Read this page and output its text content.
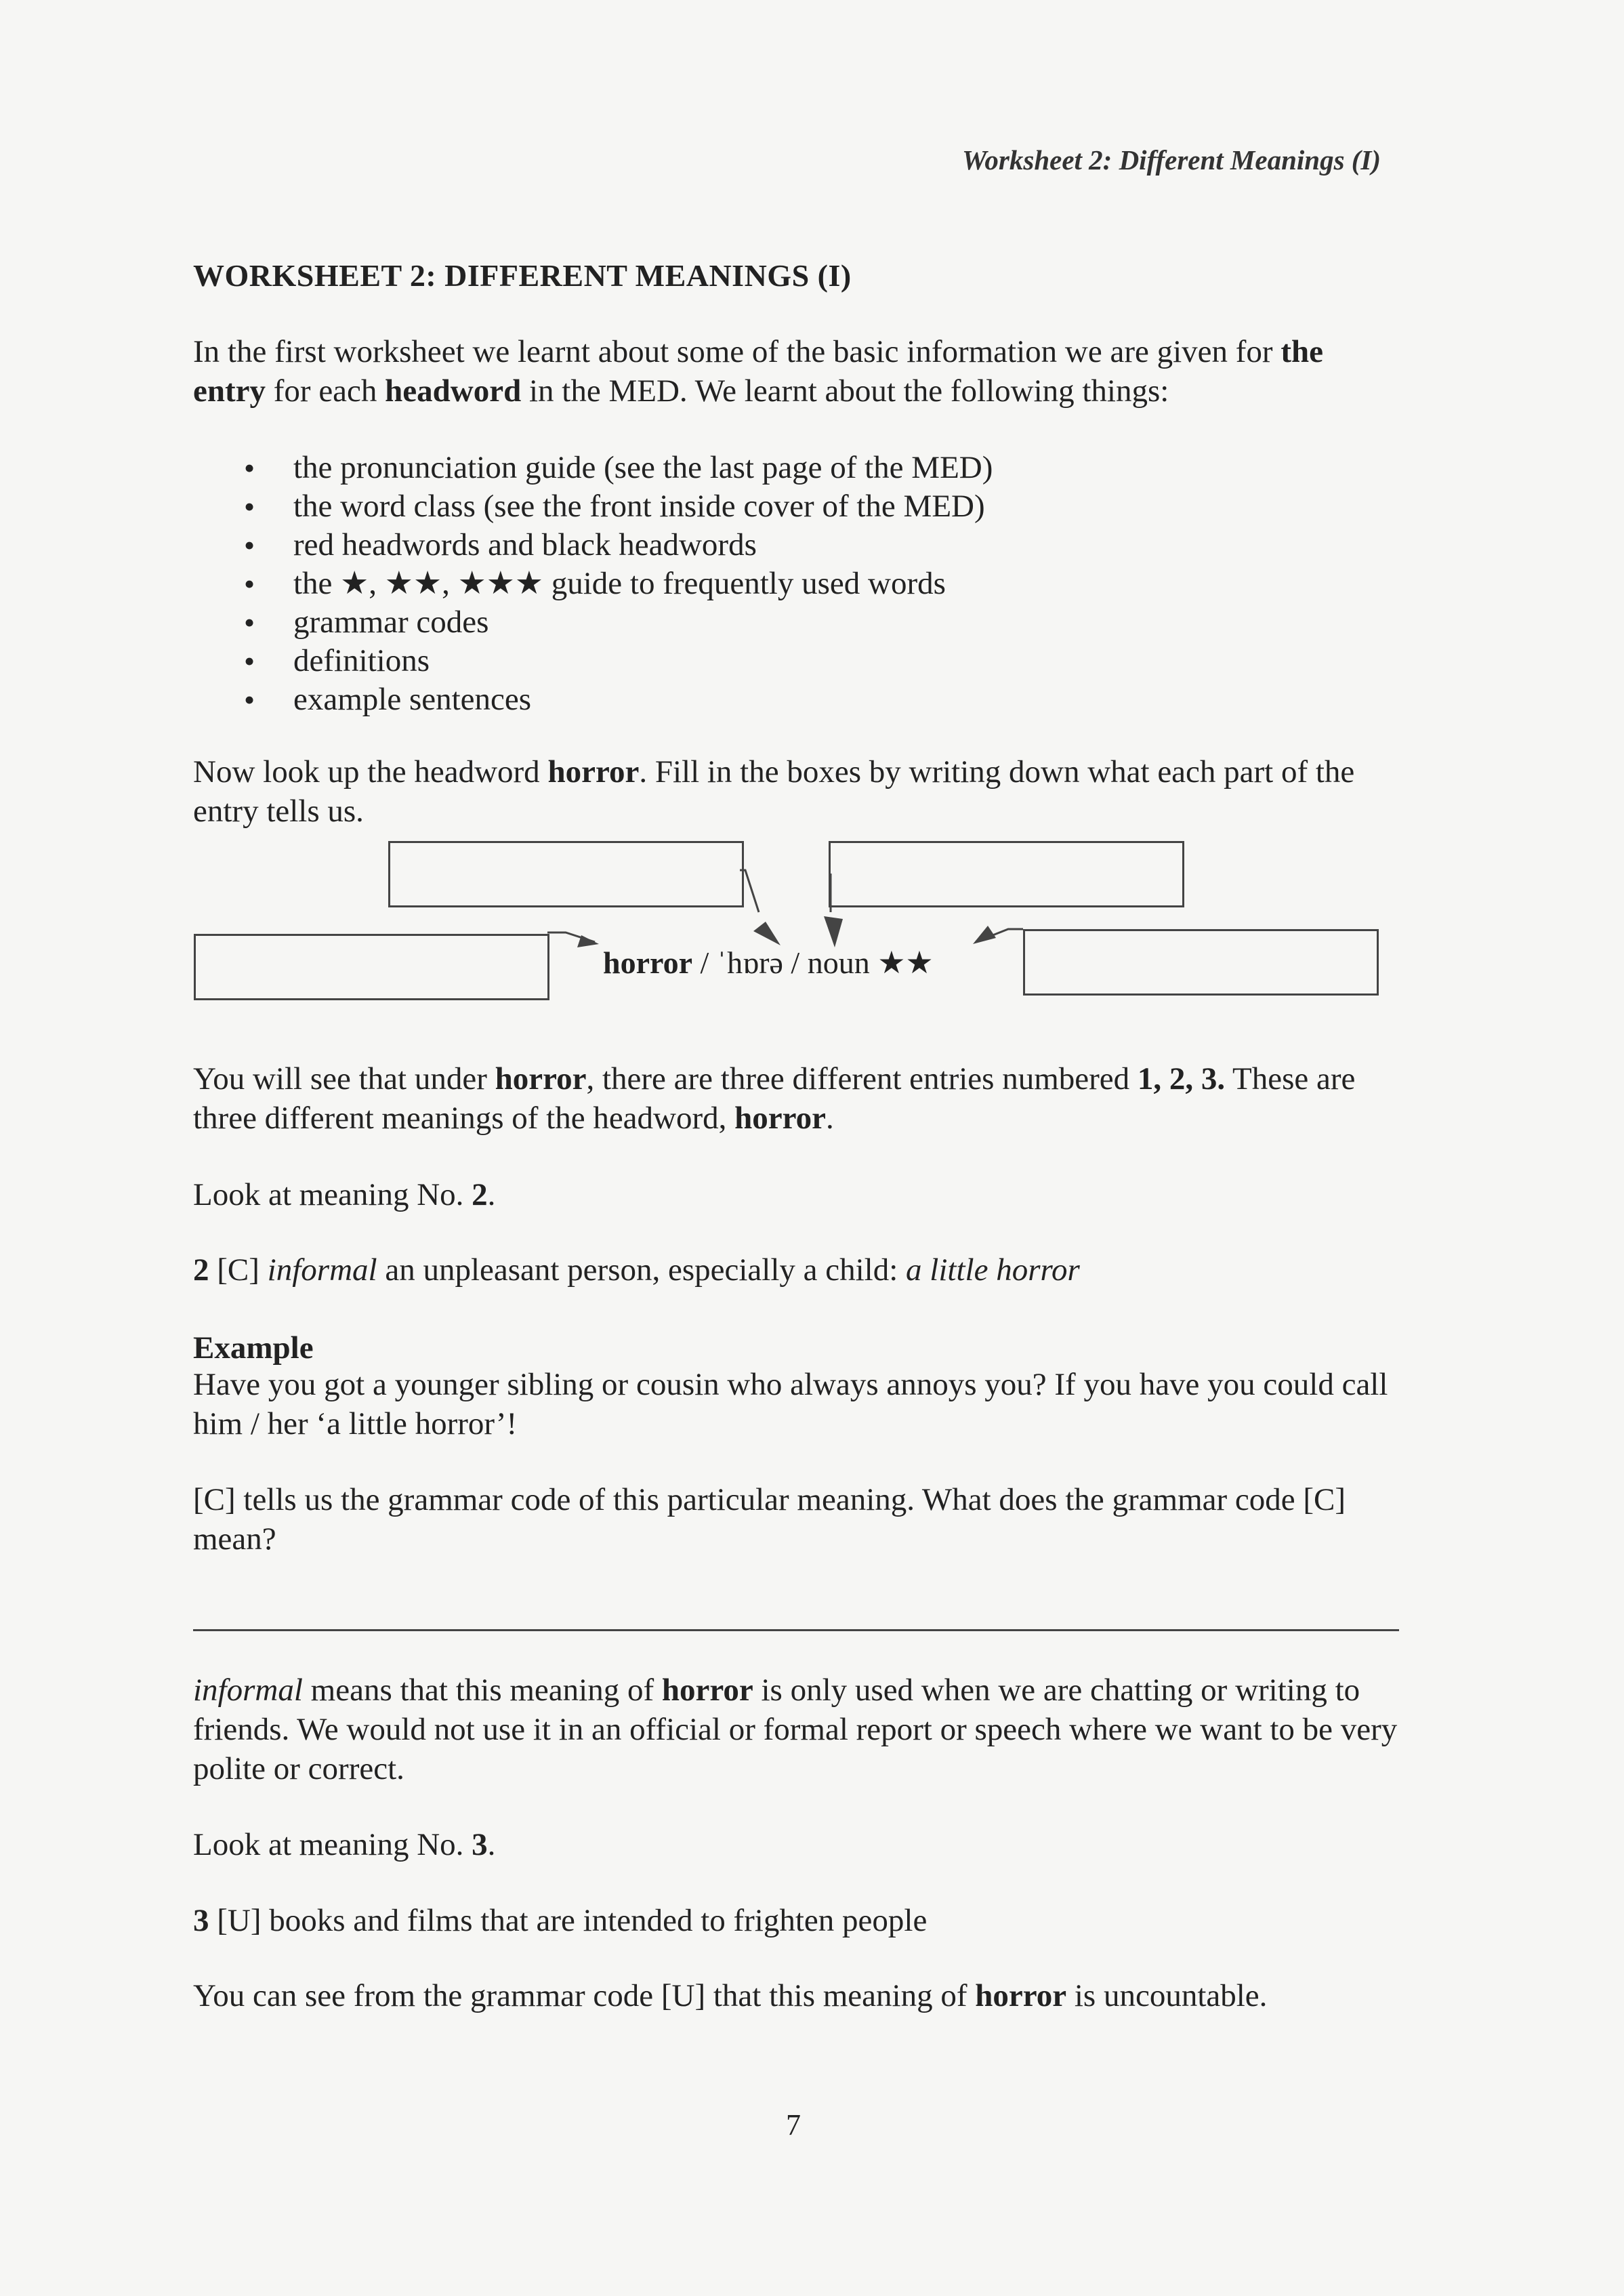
Worksheet 2: Different Meanings (I)
WORKSHEET 2: DIFFERENT MEANINGS (I)

In the first worksheet we learnt about some of the basic information we are given for the entry for each headword in the MED. We learnt about the following things:

• the pronunciation guide (see the last page of the MED)
• the word class (see the front inside cover of the MED)
• red headwords and black headwords
• the ★, ★★, ★★★ guide to frequently used words
• grammar codes
• definitions
• example sentences

Now look up the headword horror. Fill in the boxes by writing down what each part of the entry tells us.

horror / ˈhɒrə / noun ★★

You will see that under horror, there are three different entries numbered 1, 2, 3. These are three different meanings of the headword, horror.

Look at meaning No. 2.

2 [C] informal an unpleasant person, especially a child: a little horror

Example

Have you got a younger sibling or cousin who always annoys you? If you have you could call him / her ‘a little horror’!

[C] tells us the grammar code of this particular meaning. What does the grammar code [C] mean?

informal means that this meaning of horror is only used when we are chatting or writing to friends. We would not use it in an official or formal report or speech where we want to be very polite or correct.

Look at meaning No. 3.

3 [U] books and films that are intended to frighten people

You can see from the grammar code [U] that this meaning of horror is uncountable.

7
